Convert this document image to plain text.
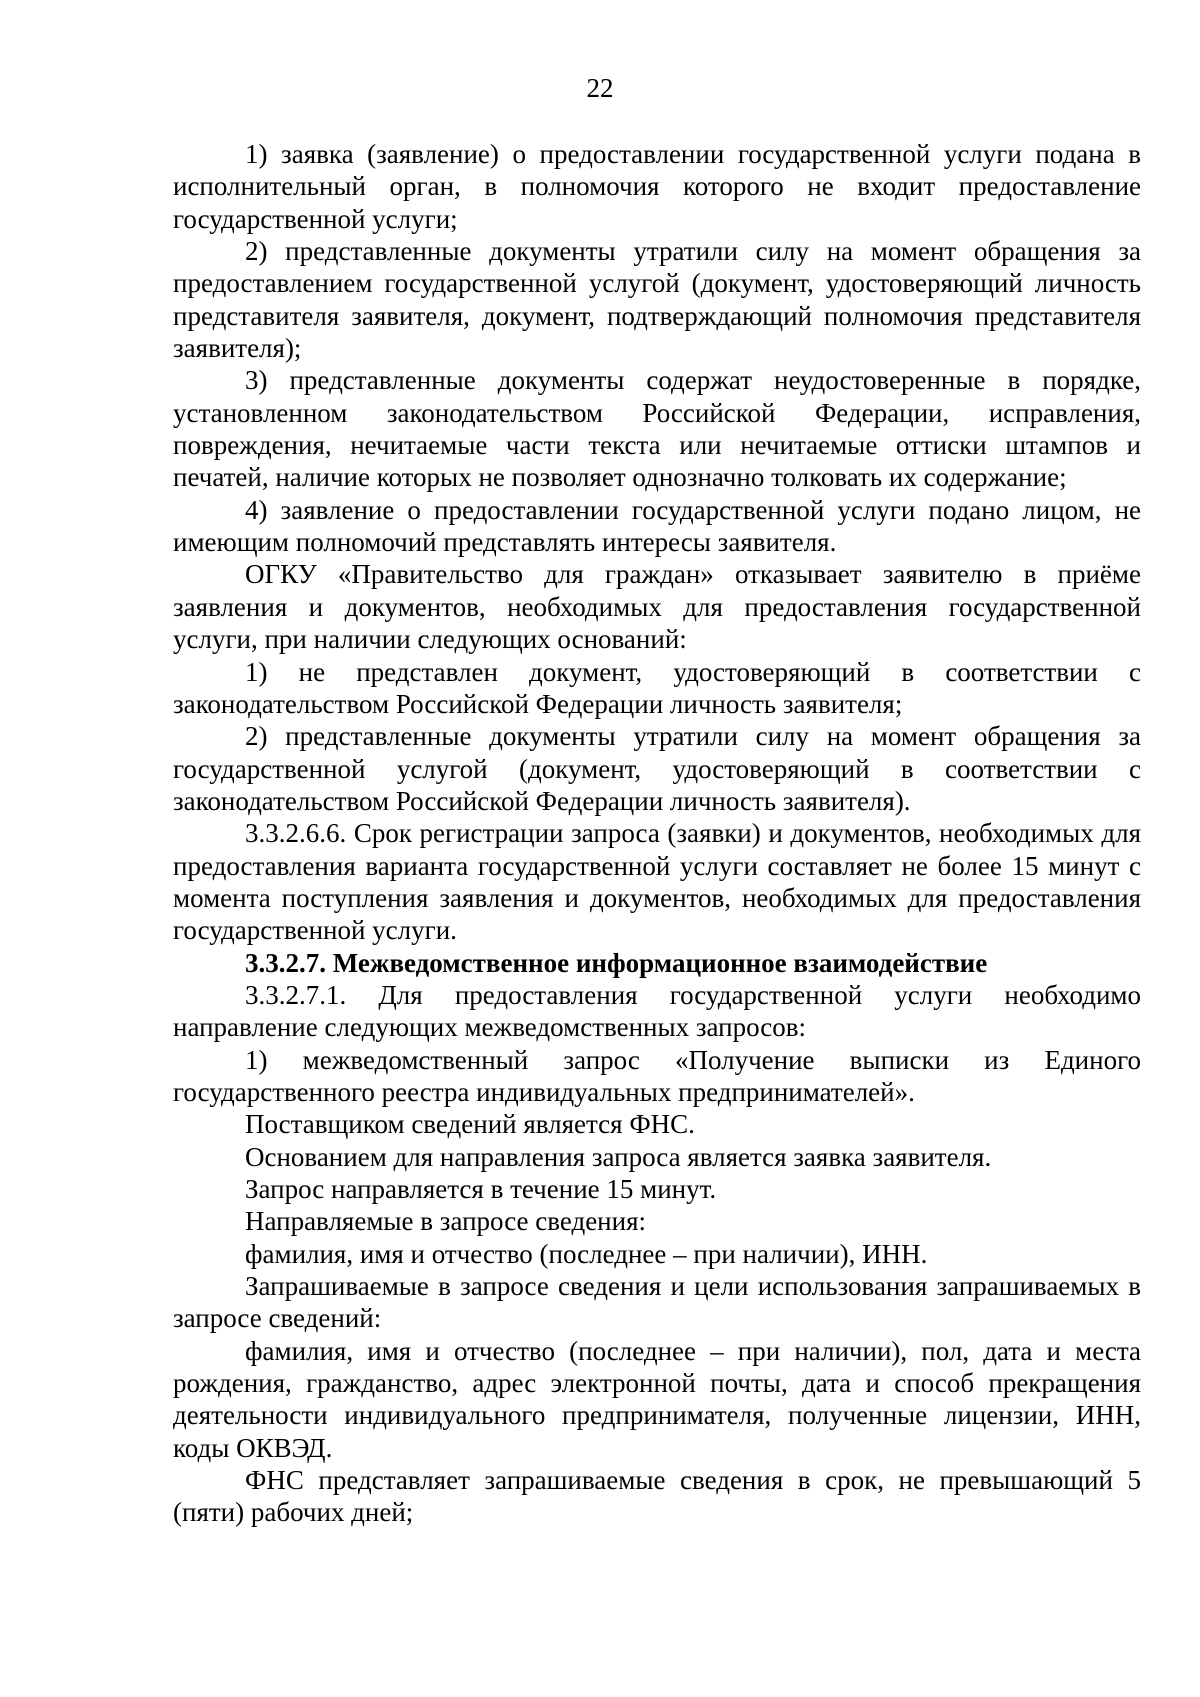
22

1) заявка (заявление) о предоставлении государственной услуги подана в исполнительный орган, в полномочия которого не входит предоставление государственной услуги;

2) представленные документы утратили силу на момент обращения за предоставлением государственной услугой (документ, удостоверяющий личность представителя заявителя, документ, подтверждающий полномочия представителя заявителя);

3) представленные документы содержат неудостоверенные в порядке, установленном законодательством Российской Федерации, исправления, повреждения, нечитаемые части текста или нечитаемые оттиски штампов и печатей, наличие которых не позволяет однозначно толковать их содержание;

4) заявление о предоставлении государственной услуги подано лицом, не имеющим полномочий представлять интересы заявителя.

ОГКУ «Правительство для граждан» отказывает заявителю в приёме заявления и документов, необходимых для предоставления государственной услуги, при наличии следующих оснований:

1) не представлен документ, удостоверяющий в соответствии с законодательством Российской Федерации личность заявителя;

2) представленные документы утратили силу на момент обращения за государственной услугой (документ, удостоверяющий в соответствии с законодательством Российской Федерации личность заявителя).

3.3.2.6.6. Срок регистрации запроса (заявки) и документов, необходимых для предоставления варианта государственной услуги составляет не более 15 минут с момента поступления заявления и документов, необходимых для предоставления государственной услуги.

3.3.2.7. Межведомственное информационное взаимодействие

3.3.2.7.1. Для предоставления государственной услуги необходимо направление следующих межведомственных запросов:

1) межведомственный запрос «Получение выписки из Единого государственного реестра индивидуальных предпринимателей».

Поставщиком сведений является ФНС.

Основанием для направления запроса является заявка заявителя.

Запрос направляется в течение 15 минут.

Направляемые в запросе сведения:

фамилия, имя и отчество (последнее – при наличии), ИНН.

Запрашиваемые в запросе сведения и цели использования запрашиваемых в запросе сведений:

фамилия, имя и отчество (последнее – при наличии), пол, дата и места рождения, гражданство, адрес электронной почты, дата и способ прекращения деятельности индивидуального предпринимателя, полученные лицензии, ИНН, коды ОКВЭД.

ФНС представляет запрашиваемые сведения в срок, не превышающий 5 (пяти) рабочих дней;
